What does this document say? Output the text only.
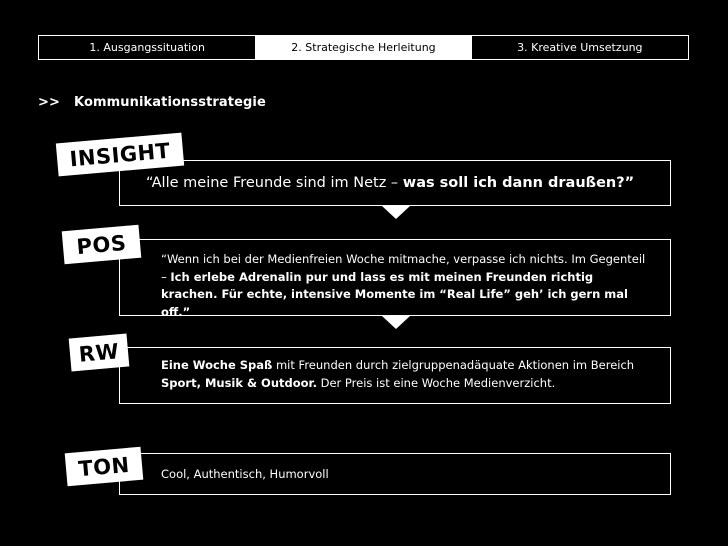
1. Ausgangssituation	2. Strategische Herleitung	3. Kreative Umsetzung
>> Kommunikationsstrategie
“Alle meine Freunde sind im Netz – was soll ich dann draußen?”
INSIGHT
“Wenn ich bei der Medienfreien Woche mitmache, verpasse ich nichts. Im Gegenteil – Ich erlebe Adrenalin pur und lass es mit meinen Freunden richtig krachen. Für echte, intensive Momente im “Real Life” geh’ ich gern mal off.”
POS
Eine Woche Spaß mit Freunden durch zielgruppenadäquate Aktionen im Bereich Sport, Musik & Outdoor. Der Preis ist eine Woche Medienverzicht.
RW
Cool, Authentisch, Humorvoll
TON
